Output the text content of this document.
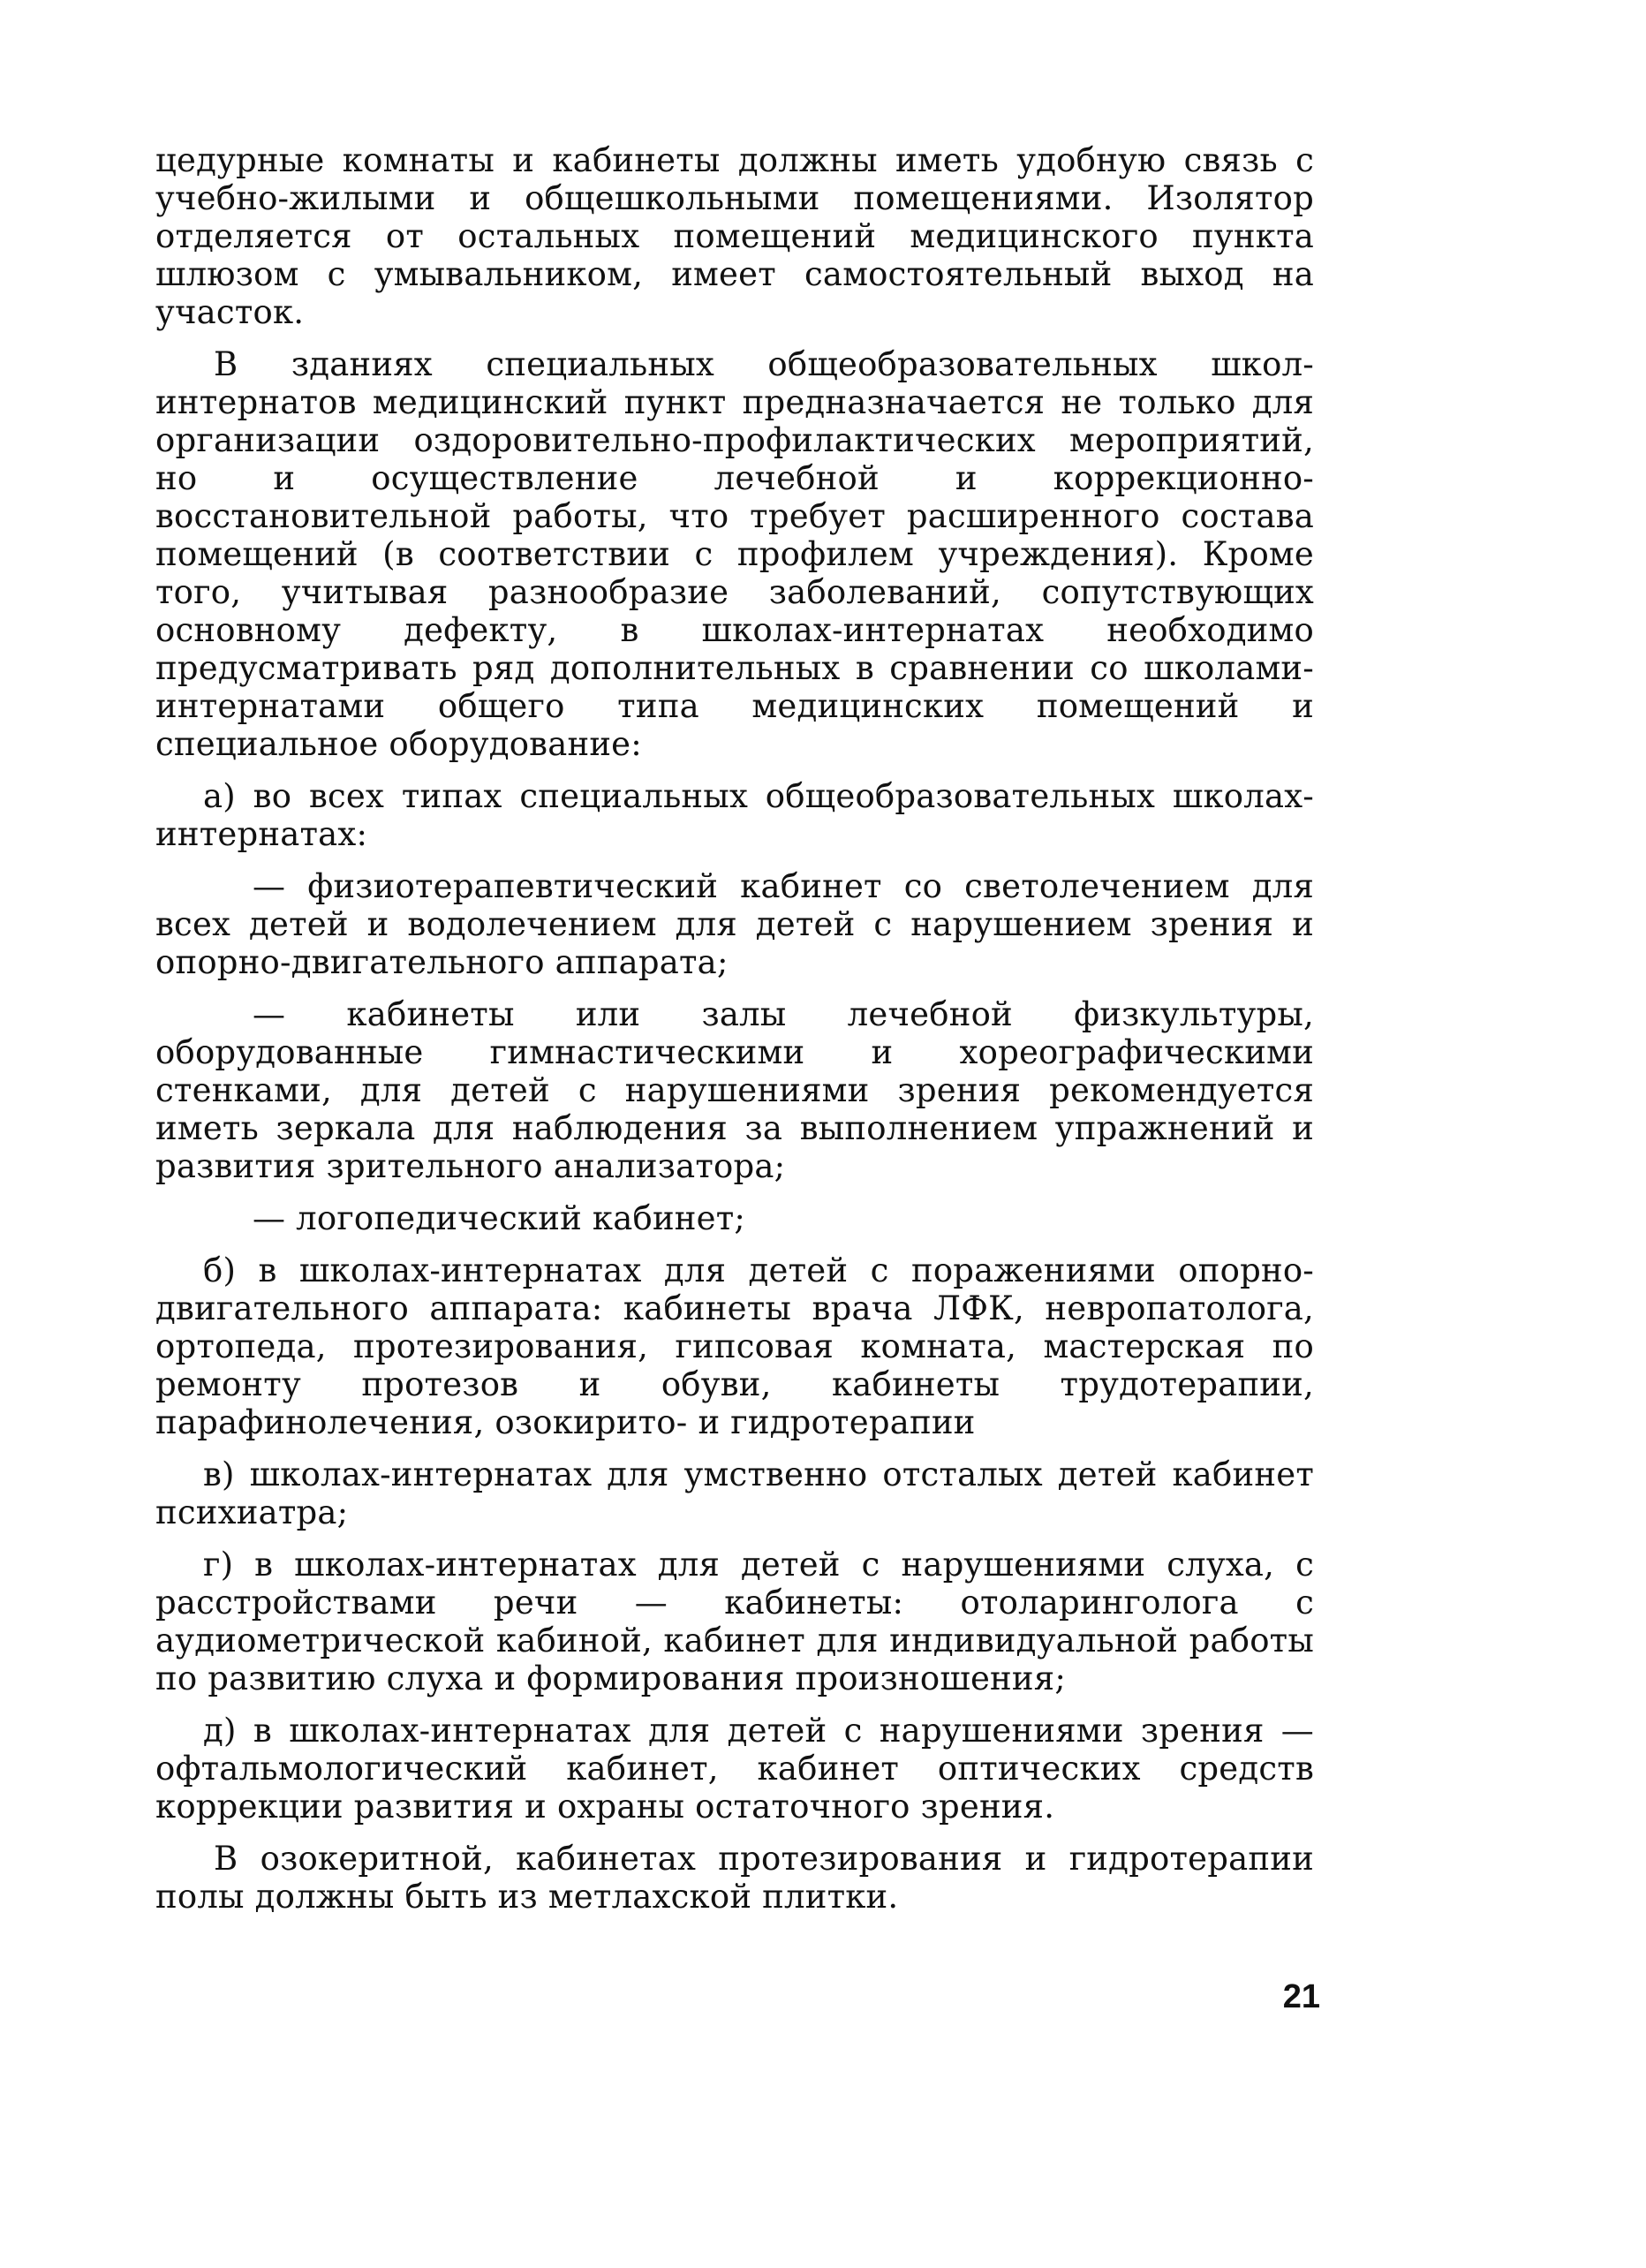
цедурные комнаты и кабинеты должны иметь удобную связь с учебно-жилыми и общешкольными помещениями. Изолятор отделяется от остальных помещений медицинского пункта шлюзом с умывальником, имеет самостоятельный выход на участок.

В зданиях специальных общеобразовательных школ-интернатов медицинский пункт предназначается не только для организации оздоровительно-профилактических мероприятий, но и осуществление лечебной и коррекционно-восстановительной работы, что требует расширенного состава помещений (в соответствии с профилем учреждения). Кроме того, учитывая разнообразие заболеваний, сопутствующих основному дефекту, в школах-интернатах необходимо предусматривать ряд дополнительных в сравнении со школами-интернатами общего типа медицинских помещений и специальное оборудование:

а) во всех типах специальных общеобразовательных школах-интернатах:

— физиотерапевтический кабинет со светолечением для всех детей и водолечением для детей с нарушением зрения и опорно-двигательного аппарата;

— кабинеты или залы лечебной физкультуры, оборудованные гимнастическими и хореографическими стенками, для детей с нарушениями зрения рекомендуется иметь зеркала для наблюдения за выполнением упражнений и развития зрительного анализатора;

— логопедический кабинет;

б) в школах-интернатах для детей с поражениями опорно-двигательного аппарата: кабинеты врача ЛФК, невропатолога, ортопеда, протезирования, гипсовая комната, мастерская по ремонту протезов и обуви, кабинеты трудотерапии, парафинолечения, озокирито- и гидротерапии

в) школах-интернатах для умственно отсталых детей кабинет психиатра;

г) в школах-интернатах для детей с нарушениями слуха, с расстройствами речи — кабинеты: отоларинголога с аудиометрической кабиной, кабинет для индивидуальной работы по развитию слуха и формирования произношения;

д) в школах-интернатах для детей с нарушениями зрения — офтальмологический кабинет, кабинет оптических средств коррекции развития и охраны остаточного зрения.

В озокеритной, кабинетах протезирования и гидротерапии полы должны быть из метлахской плитки.

21
